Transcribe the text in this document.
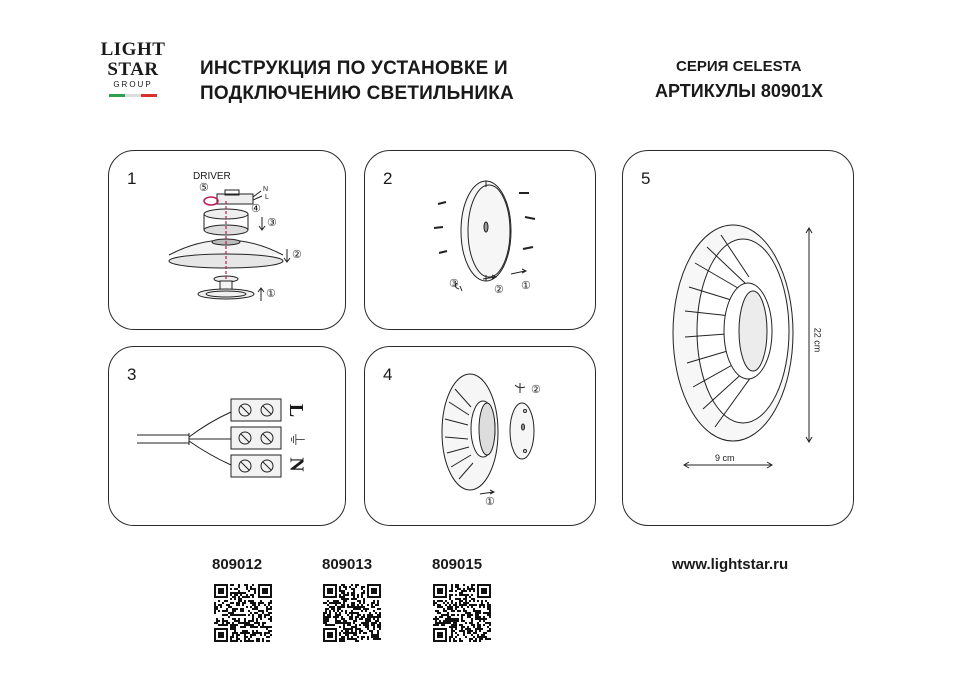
LIGHT
STAR
GROUP
ИНСТРУКЦИЯ ПО УСТАНОВКЕ И
ПОДКЛЮЧЕНИЮ СВЕТИЛЬНИКА
СЕРИЯ CELESTA
АРТИКУЛЫ 80901X
1	DRIVER
⑤	N
L
④
③
②
①
2
③	② ①
3
L
⏚
N
4
②
①
5
22 cm
9 cm
809012	809013	809015	www.lightstar.ru
